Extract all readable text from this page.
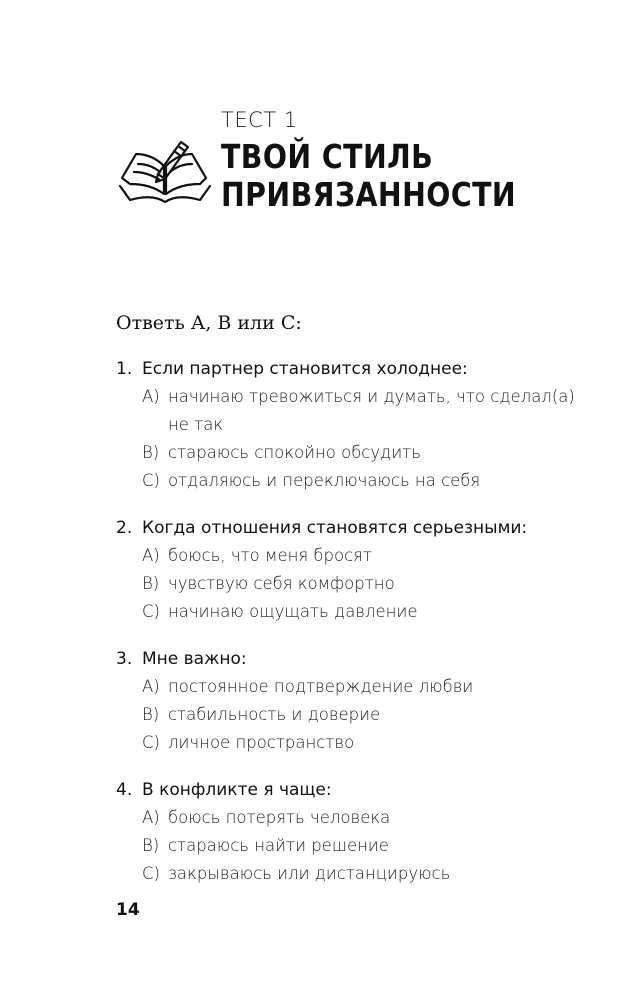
ТЕСТ 1
ТВОЙ СТИЛЬ
ПРИВЯЗАННОСТИ
Ответь А, В или С:
1. Если партнер становится холоднее:
А) начинаю тревожиться и думать, что сделал(а) не так
В) стараюсь спокойно обсудить
С) отдаляюсь и переключаюсь на себя
2. Когда отношения становятся серьезными:
А) боюсь, что меня бросят
В) чувствую себя комфортно
С) начинаю ощущать давление
3. Мне важно:
А) постоянное подтверждение любви
В) стабильность и доверие
С) личное пространство
4. В конфликте я чаще:
А) боюсь потерять человека
В) стараюсь найти решение
С) закрываюсь или дистанцируюсь
14
